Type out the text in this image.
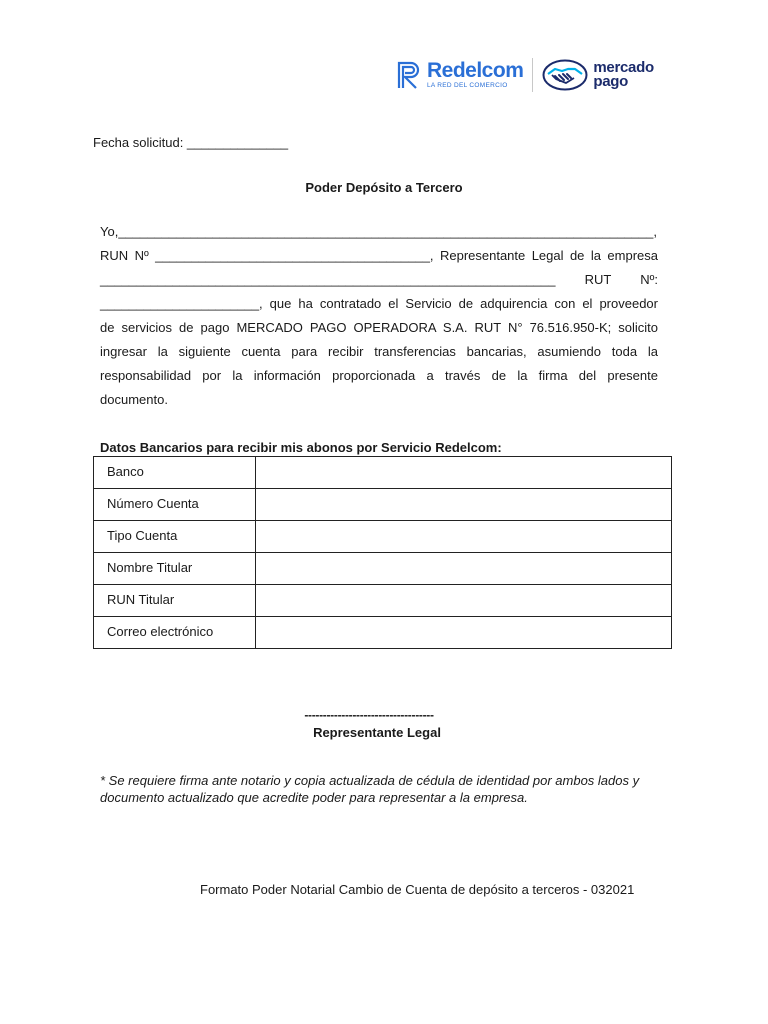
Redelcom
LA RED DEL COMERCIO
mercado
pago
Fecha solicitud: ______________
Poder Depósito a Tercero

Yo,__________________________________________________________________________,

RUN Nº ______________________________________, Representante Legal de la empresa

_______________________________________________________________ RUT Nº:

______________________, que ha contratado el Servicio de adquirencia con el proveedor

de servicios de pago MERCADO PAGO OPERADORA S.A. RUT N° 76.516.950-K; solicito

ingresar la siguiente cuenta para recibir transferencias bancarias, asumiendo toda la

responsabilidad por la información proporcionada a través de la firma del presente

documento.

Datos Bancarios para recibir mis abonos por Servicio Redelcom:
Banco	
Número Cuenta	
Tipo Cuenta	
Nombre Titular	
RUN Titular	
Correo electrónico	
-----------------------------------
Representante Legal
* Se requiere firma ante notario y copia actualizada de cédula de identidad por ambos lados y documento actualizado que acredite poder para representar a la empresa.
Formato Poder Notarial Cambio de Cuenta de depósito a terceros - 032021
